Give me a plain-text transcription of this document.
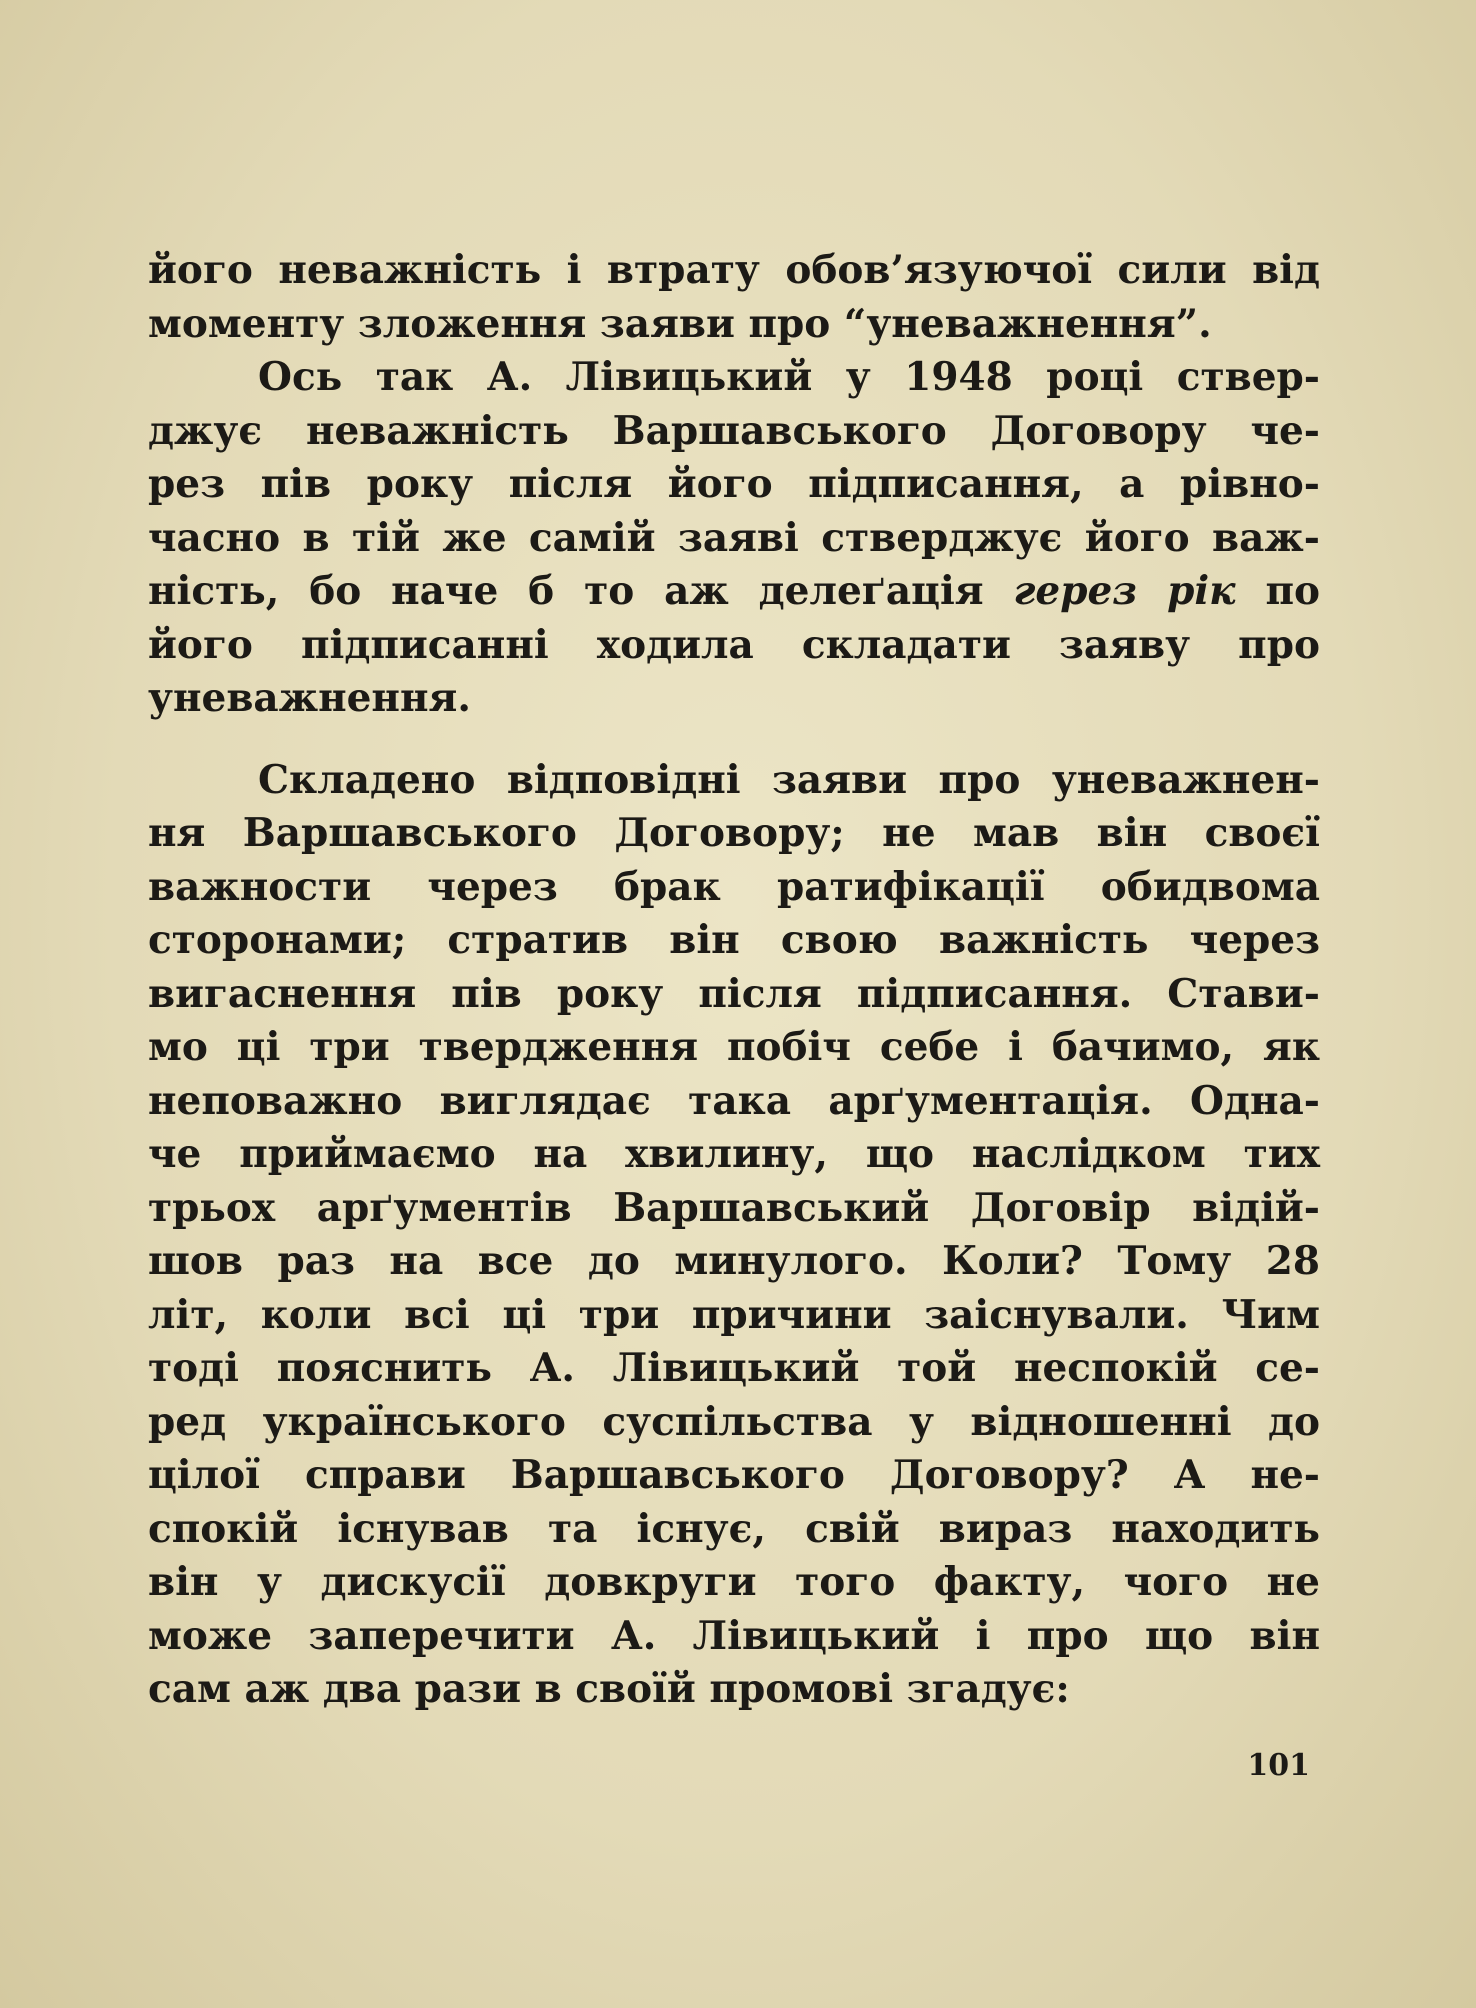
його неважність і втрату обов’язуючої сили від
моменту зложення заяви про “уневажнення”.
Ось так А. Лівицький у 1948 році ствер-
джує неважність Варшавського Договору че-
рез пів року після його підписання, а рівно-
часно в тій же самій заяві стверджує його важ-
ність, бо наче б то аж делеґація герез рік по
його підписанні ходила складати заяву про
уневажнення.
Складено відповідні заяви про уневажнен-
ня Варшавського Договору; не мав він своєї
важности через брак ратифікації обидвома
сторонами; стратив він свою важність через
вигаснення пів року після підписання. Стави-
мо ці три твердження побіч себе і бачимо, як
неповажно виглядає така арґументація. Одна-
че приймаємо на хвилину, що наслідком тих
трьох арґументів Варшавський Договір відій-
шов раз на все до минулого. Коли? Тому 28
літ, коли всі ці три причини заіснували. Чим
тоді пояснить А. Лівицький той неспокій се-
ред українського суспільства у відношенні до
цілої справи Варшавського Договору? А не-
спокій існував та існує, свій вираз находить
він у дискусії довкруги того факту, чого не
може заперечити А. Лівицький і про що він
сам аж два рази в своїй промові згадує:
101
